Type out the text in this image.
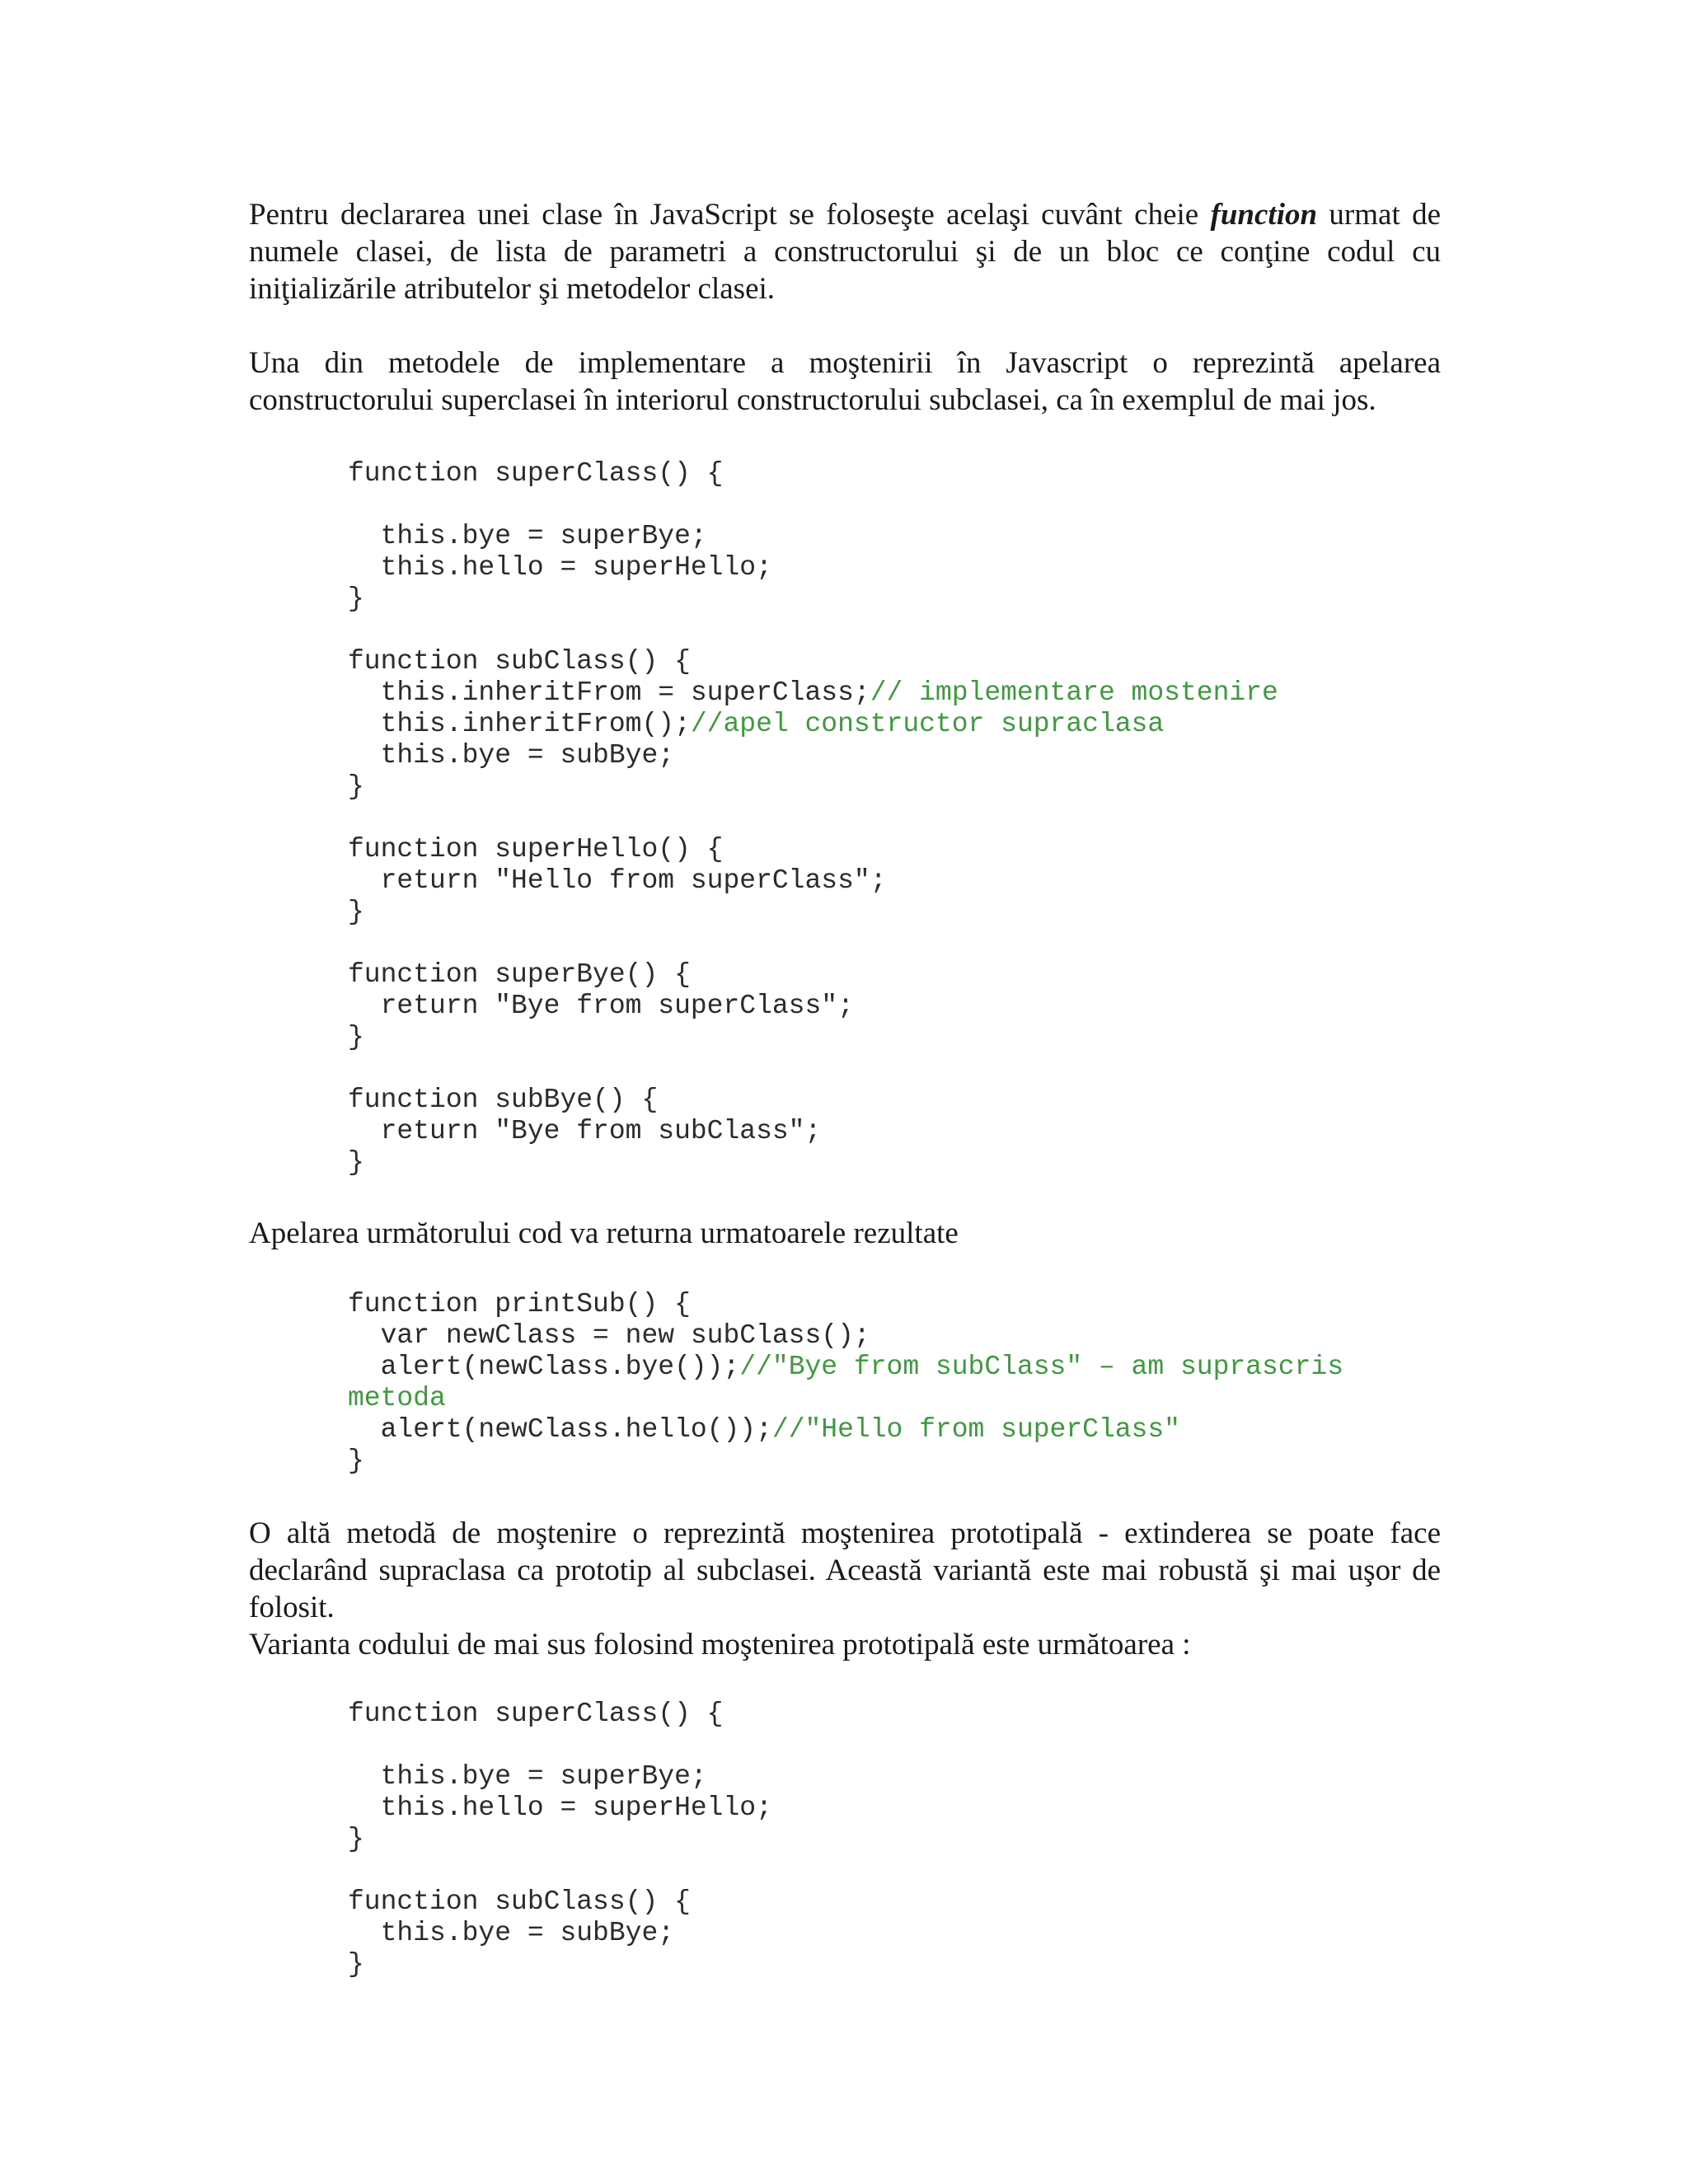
Pentru declararea unei clase în JavaScript se foloseşte acelaşi cuvânt cheie function urmat de numele clasei, de lista de parametri a constructorului şi de un bloc ce conţine codul cu iniţializările atributelor şi metodelor clasei.

Una din metodele de implementare a moştenirii în Javascript o reprezintă apelarea constructorului superclasei în interiorul constructorului subclasei, ca în exemplul de mai jos.

function superClass() {
this.bye = superBye;
this.hello = superHello;
}
function subClass() {
this.inheritFrom = superClass;// implementare mostenire
this.inheritFrom();//apel constructor supraclasa
this.bye = subBye;
}
function superHello() {
return "Hello from superClass";
}
function superBye() {
return "Bye from superClass";
}
function subBye() {
return "Bye from subClass";
}

Apelarea următorului cod va returna urmatoarele rezultate

function printSub() {
var newClass = new subClass();
alert(newClass.bye());//"Bye from subClass" – am suprascris
metoda
alert(newClass.hello());//"Hello from superClass"
}

O altă metodă de moştenire o reprezintă moştenirea prototipală - extinderea se poate face declarând supraclasa ca prototip al subclasei. Această variantă este mai robustă şi mai uşor de folosit.

Varianta codului de mai sus folosind moştenirea prototipală este următoarea :

function superClass() {
this.bye = superBye;
this.hello = superHello;
}
function subClass() {
this.bye = subBye;
}
